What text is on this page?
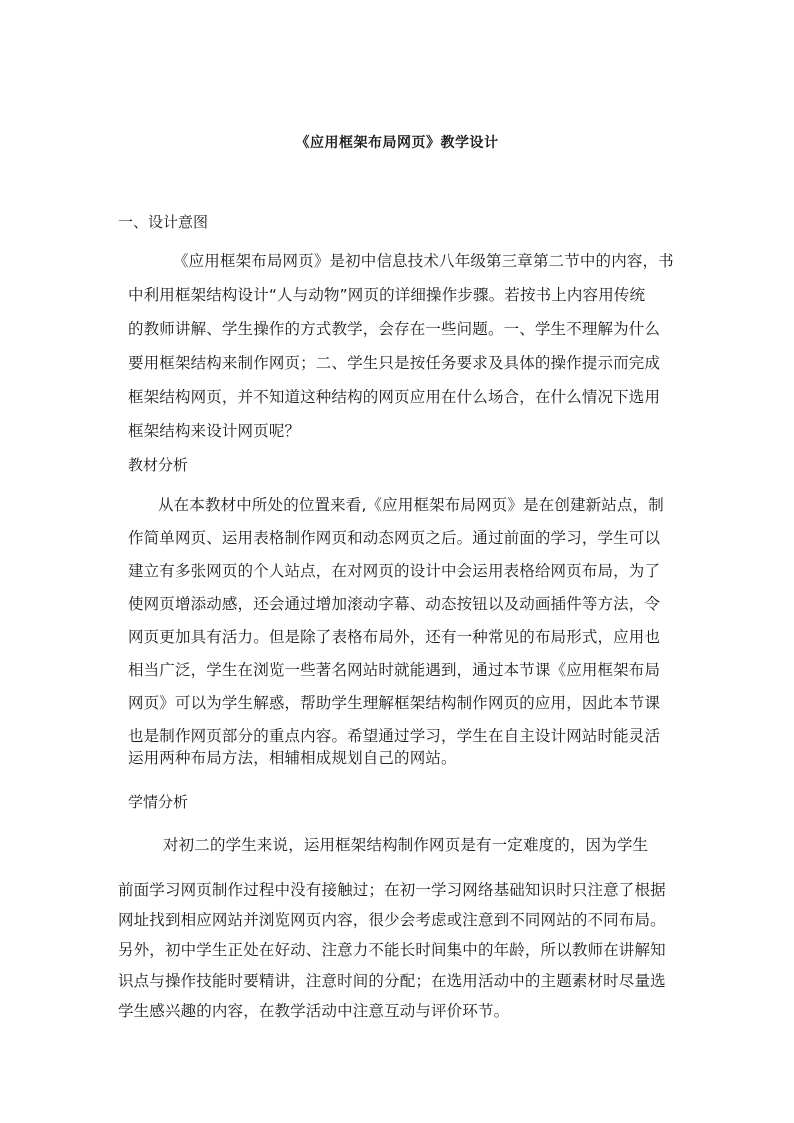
《应用框架布局网页》教学设计
一、设计意图
《应用框架布局网页》是初中信息技术八年级第三章第二节中的内容，书
中利用框架结构设计“人与动物”网页的详细操作步骤。若按书上内容用传统
的教师讲解、学生操作的方式教学，会存在一些问题。一、学生不理解为什么
要用框架结构来制作网页；二、学生只是按任务要求及具体的操作提示而完成
框架结构网页，并不知道这种结构的网页应用在什么场合，在什么情况下选用
框架结构来设计网页呢？
教材分析
从在本教材中所处的位置来看,《应用框架布局网页》是在创建新站点，制
作简单网页、运用表格制作网页和动态网页之后。通过前面的学习，学生可以
建立有多张网页的个人站点，在对网页的设计中会运用表格给网页布局，为了
使网页增添动感，还会通过增加滚动字幕、动态按钮以及动画插件等方法，令
网页更加具有活力。但是除了表格布局外，还有一种常见的布局形式，应用也
相当广泛，学生在浏览一些著名网站时就能遇到，通过本节课《应用框架布局
网页》可以为学生解惑，帮助学生理解框架结构制作网页的应用，因此本节课
也是制作网页部分的重点内容。希望通过学习，学生在自主设计网站时能灵活
运用两种布局方法，相辅相成规划自己的网站。
学情分析
对初二的学生来说，运用框架结构制作网页是有一定难度的，因为学生
前面学习网页制作过程中没有接触过；在初一学习网络基础知识时只注意了根据
网址找到相应网站并浏览网页内容，很少会考虑或注意到不同网站的不同布局。
另外，初中学生正处在好动、注意力不能长时间集中的年龄，所以教师在讲解知
识点与操作技能时要精讲，注意时间的分配；在选用活动中的主题素材时尽量选
学生感兴趣的内容，在教学活动中注意互动与评价环节。
